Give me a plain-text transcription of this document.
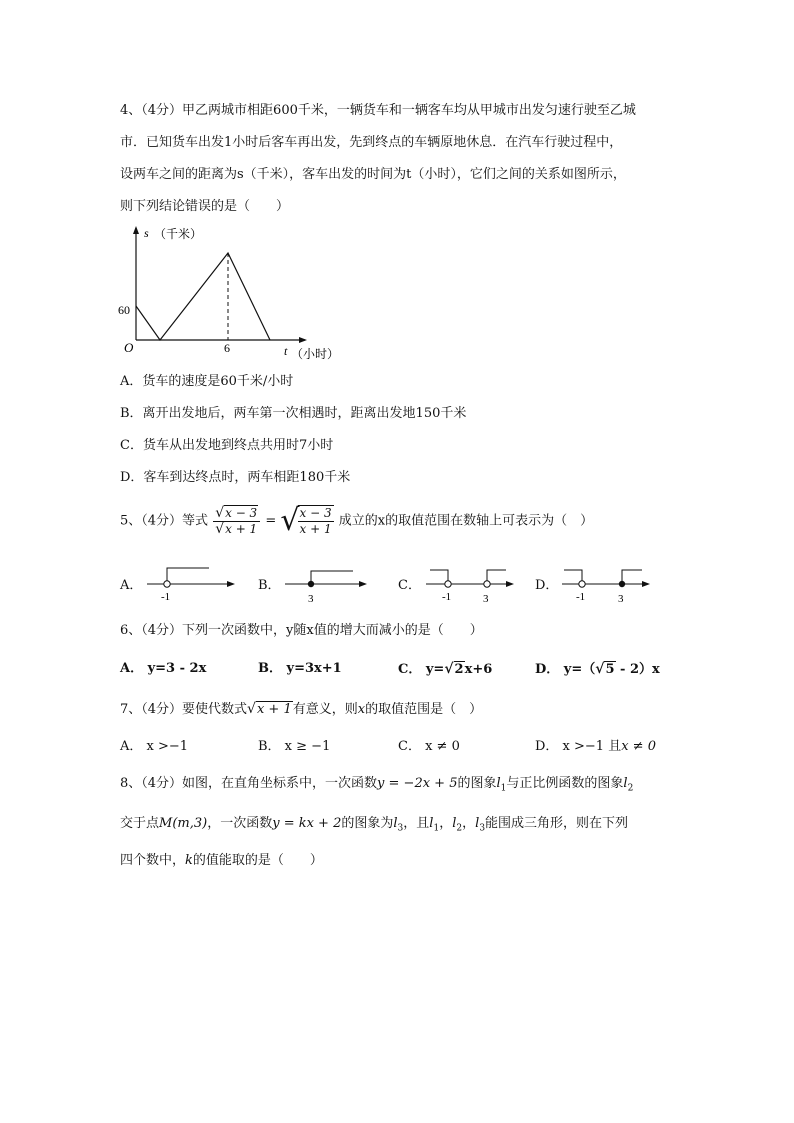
4、（4分）甲乙两城市相距600千米，一辆货车和一辆客车均从甲城市出发匀速行驶至乙城
市．已知货车出发1小时后客车再出发，先到终点的车辆原地休息．在汽车行驶过程中，
设两车之间的距离为s（千米），客车出发的时间为t（小时），它们之间的关系如图所示，
则下列结论错误的是（　　）
s （千米）
60
O	6	t （小时）
A．货车的速度是60千米/小时
B．离开出发地后，两车第一次相遇时，距离出发地150千米
C．货车从出发地到终点共用时7小时
D．客车到达终点时，两车相距180千米
5、（4分）等式 $\frac{√x - 3}{√x + 1}$ = √
$\frac{x - 3}{x + 1}$ 成立的x的取值范围在数轴上可表示为（　）
A．
-1
B．
3
C．
-1	3
D．
-1	3
6、（4分）下列一次函数中，y随x值的增大而减小的是（　　）
A． y=3 - 2x	B． y=3x+1	C． y=√2x+6	D． y=（√5 - 2）x
7、（4分）要使代数式√x + 1有意义，则x的取值范围是（　）
A． x >−1	B． x ≥ −1	C． x ≠ 0	D． x >−1 且x ≠ 0
8、（4分）如图，在直角坐标系中，一次函数y = −2x + 5的图象$l_1$与正比例函数的图象$l_2$
交于点M(m,3)，一次函数y = kx + 2的图象为$l_3$，且$l_1$，$l_2$，$l_3$能围成三角形，则在下列
四个数中，k的值能取的是（　　）
